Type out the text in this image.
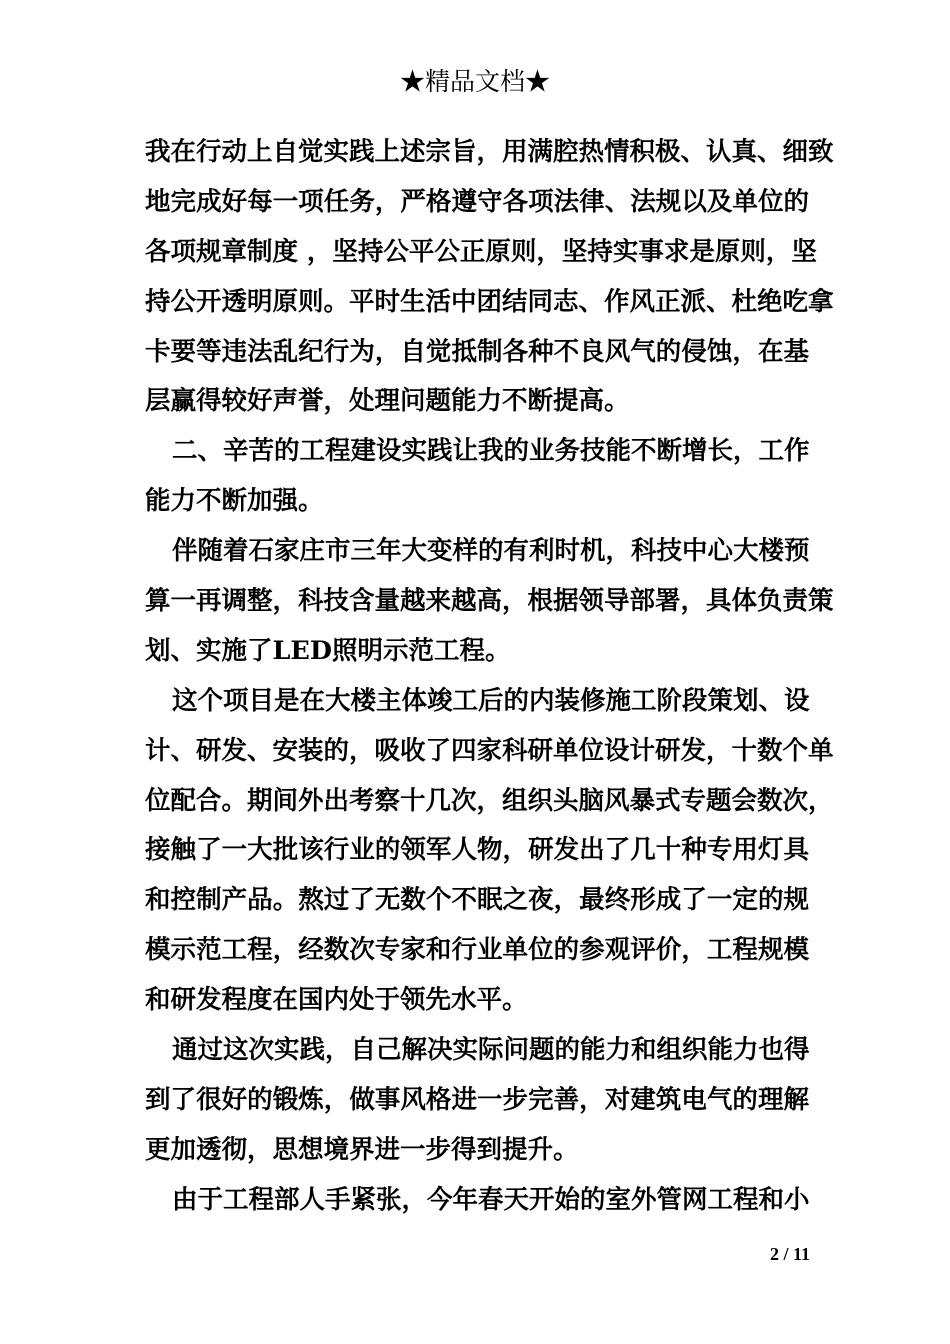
★精品文档★
我在行动上自觉实践上述宗旨，用满腔热情积极、认真、细致
地完成好每一项任务，严格遵守各项法律、法规以及单位的
各项规章制度 ，坚持公平公正原则，坚持实事求是原则，坚
持公开透明原则。平时生活中团结同志、作风正派、杜绝吃拿
卡要等违法乱纪行为，自觉抵制各种不良风气的侵蚀，在基
层赢得较好声誉，处理问题能力不断提高。
二、辛苦的工程建设实践让我的业务技能不断增长，工作
能力不断加强。
伴随着石家庄市三年大变样的有利时机，科技中心大楼预
算一再调整，科技含量越来越高，根据领导部署，具体负责策
划、实施了LED照明示范工程。
这个项目是在大楼主体竣工后的内装修施工阶段策划、设
计、研发、安装的，吸收了四家科研单位设计研发，十数个单
位配合。期间外出考察十几次，组织头脑风暴式专题会数次，
接触了一大批该行业的领军人物，研发出了几十种专用灯具
和控制产品。熬过了无数个不眠之夜，最终形成了一定的规
模示范工程，经数次专家和行业单位的参观评价，工程规模
和研发程度在国内处于领先水平。
通过这次实践，自己解决实际问题的能力和组织能力也得
到了很好的锻炼，做事风格进一步完善，对建筑电气的理解
更加透彻，思想境界进一步得到提升。
由于工程部人手紧张，今年春天开始的室外管网工程和小
2 / 11
